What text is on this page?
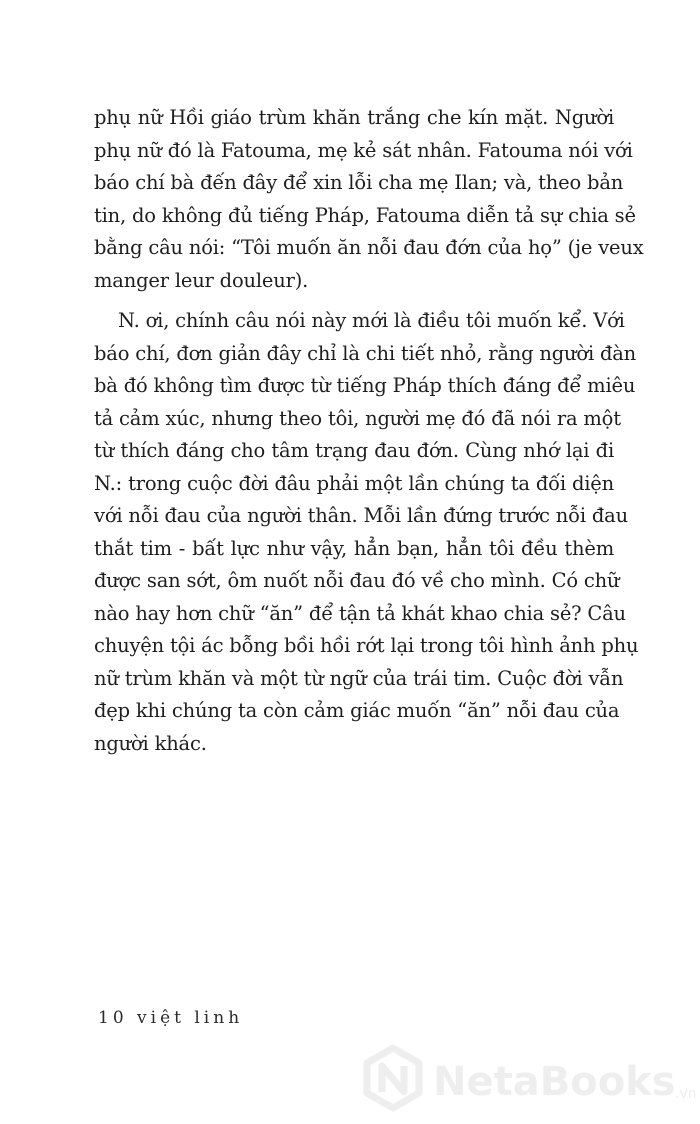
phụ nữ Hồi giáo trùm khăn trắng che kín mặt. Người
phụ nữ đó là Fatouma, mẹ kẻ sát nhân. Fatouma nói với
báo chí bà đến đây để xin lỗi cha mẹ Ilan; và, theo bản
tin, do không đủ tiếng Pháp, Fatouma diễn tả sự chia sẻ
bằng câu nói: “Tôi muốn ăn nỗi đau đớn của họ” (je veux
manger leur douleur).
N. ơi, chính câu nói này mới là điều tôi muốn kể. Với
báo chí, đơn giản đây chỉ là chi tiết nhỏ, rằng người đàn
bà đó không tìm được từ tiếng Pháp thích đáng để miêu
tả cảm xúc, nhưng theo tôi, người mẹ đó đã nói ra một
từ thích đáng cho tâm trạng đau đớn. Cùng nhớ lại đi
N.: trong cuộc đời đâu phải một lần chúng ta đối diện
với nỗi đau của người thân. Mỗi lần đứng trước nỗi đau
thắt tim - bất lực như vậy, hẳn bạn, hẳn tôi đều thèm
được san sớt, ôm nuốt nỗi đau đó về cho mình. Có chữ
nào hay hơn chữ “ăn” để tận tả khát khao chia sẻ? Câu
chuyện tội ác bỗng bồi hồi rớt lại trong tôi hình ảnh phụ
nữ trùm khăn và một từ ngữ của trái tim. Cuộc đời vẫn
đẹp khi chúng ta còn cảm giác muốn “ăn” nỗi đau của
người khác.
10 việt linh
NetaBooks .vn
